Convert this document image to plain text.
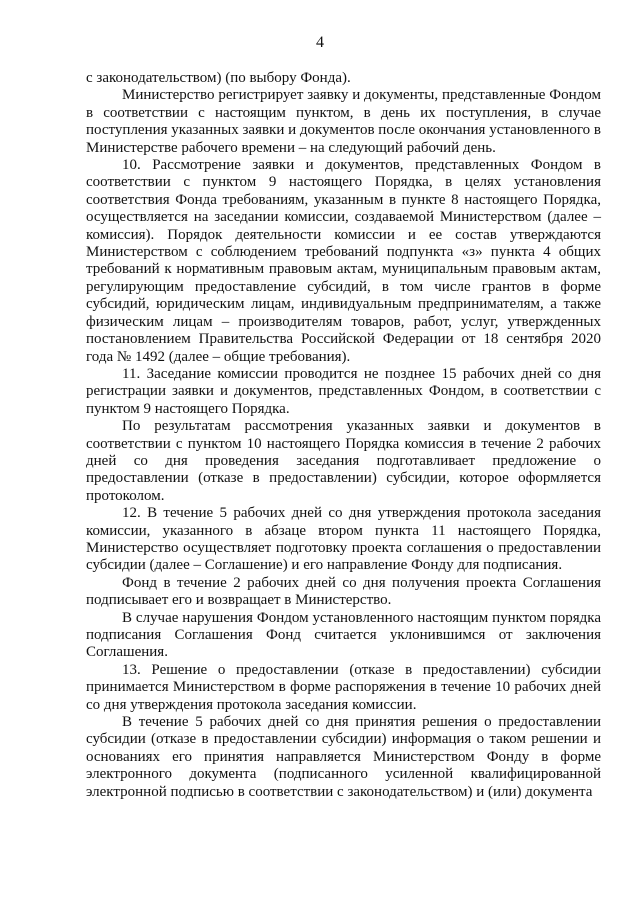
4

с законодательством) (по выбору Фонда).

Министерство регистрирует заявку и документы, представленные Фондом в соответствии с настоящим пунктом, в день их поступления, в случае поступления указанных заявки и документов после окончания установленного в Министерстве рабочего времени – на следующий рабочий день.

10. Рассмотрение заявки и документов, представленных Фондом в соответствии с пунктом 9 настоящего Порядка, в целях установления соответствия Фонда требованиям, указанным в пункте 8 настоящего Порядка, осуществляется на заседании комиссии, создаваемой Министерством (далее – комиссия). Порядок деятельности комиссии и ее состав утверждаются Министерством с соблюдением требований подпункта «з» пункта 4 общих требований к нормативным правовым актам, муниципальным правовым актам, регулирующим предоставление субсидий, в том числе грантов в форме субсидий, юридическим лицам, индивидуальным предпринимателям, а также физическим лицам – производителям товаров, работ, услуг, утвержденных постановлением Правительства Российской Федерации от 18 сентября 2020 года № 1492 (далее – общие требования).

11. Заседание комиссии проводится не позднее 15 рабочих дней со дня регистрации заявки и документов, представленных Фондом, в соответствии с пунктом 9 настоящего Порядка.

По результатам рассмотрения указанных заявки и документов в соответствии с пунктом 10 настоящего Порядка комиссия в течение 2 рабочих дней со дня проведения заседания подготавливает предложение о предоставлении (отказе в предоставлении) субсидии, которое оформляется протоколом.

12. В течение 5 рабочих дней со дня утверждения протокола заседания комиссии, указанного в абзаце втором пункта 11 настоящего Порядка, Министерство осуществляет подготовку проекта соглашения о предоставлении субсидии (далее – Соглашение) и его направление Фонду для подписания.

Фонд в течение 2 рабочих дней со дня получения проекта Соглашения подписывает его и возвращает в Министерство.

В случае нарушения Фондом установленного настоящим пунктом порядка подписания Соглашения Фонд считается уклонившимся от заключения Соглашения.

13. Решение о предоставлении (отказе в предоставлении) субсидии принимается Министерством в форме распоряжения в течение 10 рабочих дней со дня утверждения протокола заседания комиссии.

В течение 5 рабочих дней со дня принятия решения о предоставлении субсидии (отказе в предоставлении субсидии) информация о таком решении и основаниях его принятия направляется Министерством Фонду в форме электронного документа (подписанного усиленной квалифицированной электронной подписью в соответствии с законодательством) и (или) документа
